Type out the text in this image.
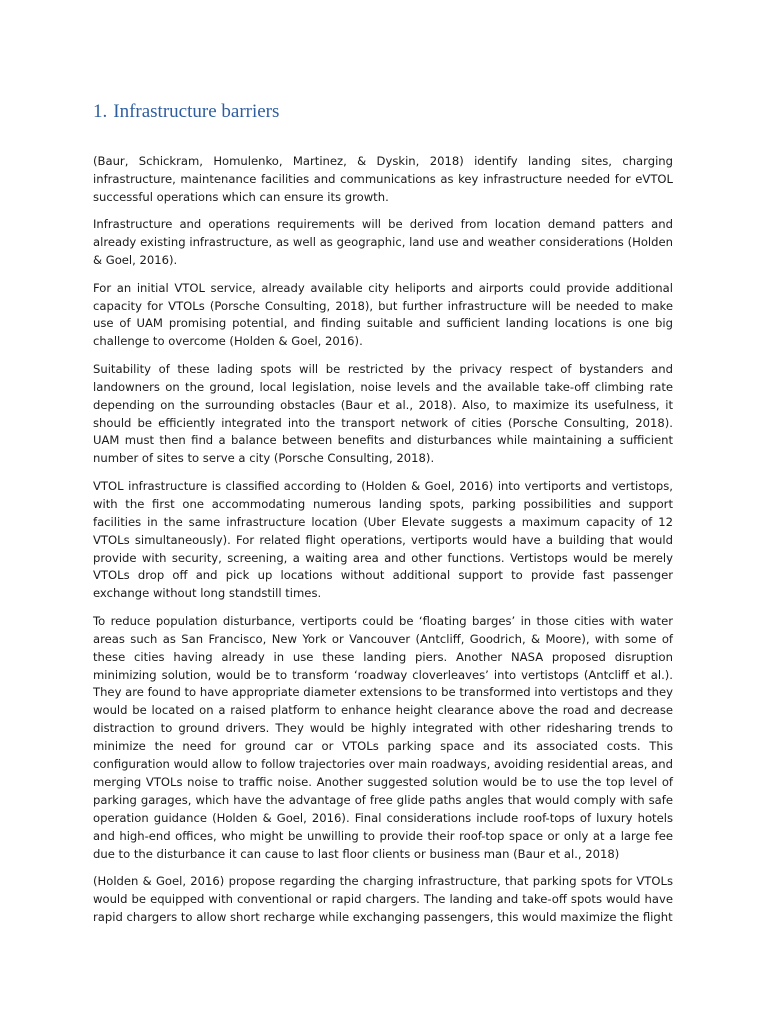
1. Infrastructure barriers

(Baur, Schickram, Homulenko, Martinez, & Dyskin, 2018) identify landing sites, charging infrastructure, maintenance facilities and communications as key infrastructure needed for eVTOL successful operations which can ensure its growth.

Infrastructure and operations requirements will be derived from location demand patters and already existing infrastructure, as well as geographic, land use and weather considerations (Holden & Goel, 2016).

For an initial VTOL service, already available city heliports and airports could provide additional capacity for VTOLs (Porsche Consulting, 2018), but further infrastructure will be needed to make use of UAM promising potential, and finding suitable and sufficient landing locations is one big challenge to overcome (Holden & Goel, 2016).

Suitability of these lading spots will be restricted by the privacy respect of bystanders and landowners on the ground, local legislation, noise levels and the available take-off climbing rate depending on the surrounding obstacles (Baur et al., 2018). Also, to maximize its usefulness, it should be efficiently integrated into the transport network of cities (Porsche Consulting, 2018). UAM must then find a balance between benefits and disturbances while maintaining a sufficient number of sites to serve a city (Porsche Consulting, 2018).

VTOL infrastructure is classified according to (Holden & Goel, 2016) into vertiports and vertistops, with the first one accommodating numerous landing spots, parking possibilities and support facilities in the same infrastructure location (Uber Elevate suggests a maximum capacity of 12 VTOLs simultaneously). For related flight operations, vertiports would have a building that would provide with security, screening, a waiting area and other functions. Vertistops would be merely VTOLs drop off and pick up locations without additional support to provide fast passenger exchange without long standstill times.

To reduce population disturbance, vertiports could be ‘floating barges’ in those cities with water areas such as San Francisco, New York or Vancouver (Antcliff, Goodrich, & Moore), with some of these cities having already in use these landing piers. Another NASA proposed disruption minimizing solution, would be to transform ‘roadway cloverleaves’ into vertistops (Antcliff et al.). They are found to have appropriate diameter extensions to be transformed into vertistops and they would be located on a raised platform to enhance height clearance above the road and decrease distraction to ground drivers. They would be highly integrated with other ridesharing trends to minimize the need for ground car or VTOLs parking space and its associated costs. This configuration would allow to follow trajectories over main roadways, avoiding residential areas, and merging VTOLs noise to traffic noise. Another suggested solution would be to use the top level of parking garages, which have the advantage of free glide paths angles that would comply with safe operation guidance (Holden & Goel, 2016). Final considerations include roof-tops of luxury hotels and high-end offices, who might be unwilling to provide their roof-top space or only at a large fee due to the disturbance it can cause to last floor clients or business man (Baur et al., 2018)

(Holden & Goel, 2016) propose regarding the charging infrastructure, that parking spots for VTOLs would be equipped with conventional or rapid chargers. The landing and take-off spots would have rapid chargers to allow short recharge while exchanging passengers, this would maximize the flight
